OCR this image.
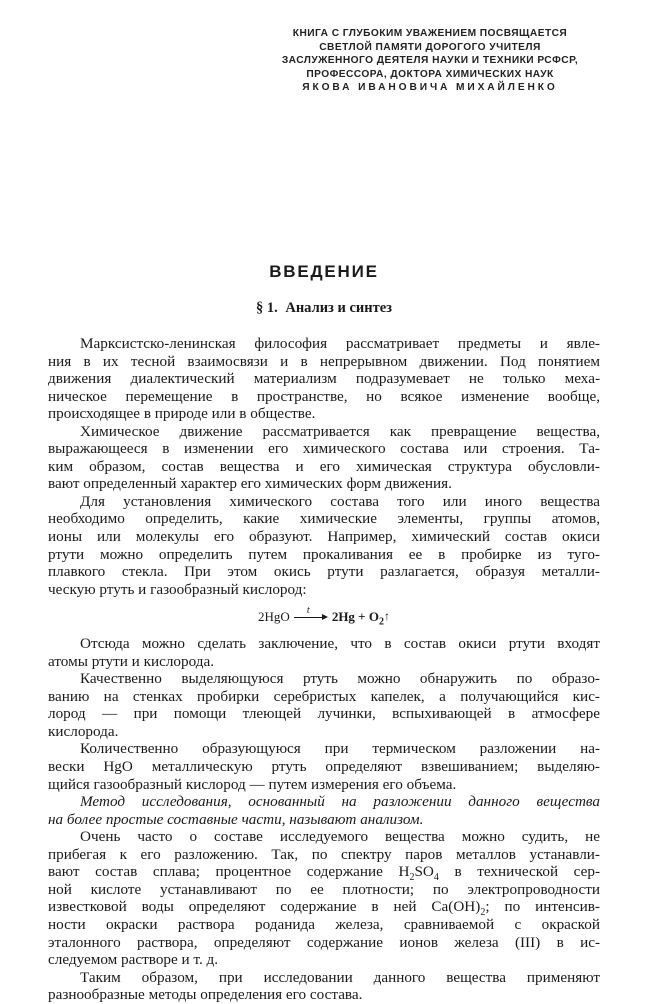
КНИГА С ГЛУБОКИМ УВАЖЕНИЕМ ПОСВЯЩАЕТСЯ
СВЕТЛОЙ ПАМЯТИ ДОРОГОГО УЧИТЕЛЯ
ЗАСЛУЖЕННОГО ДЕЯТЕЛЯ НАУКИ И ТЕХНИКИ РСФСР,
ПРОФЕССОРА, ДОКТОРА ХИМИЧЕСКИХ НАУК
ЯКОВА ИВАНОВИЧА МИХАЙЛЕНКО
ВВЕДЕНИЕ
§ 1. Анализ и синтез
Марксистско-ленинская философия рассматривает предметы и явле-
ния в их тесной взаимосвязи и в непрерывном движении. Под понятием
движения диалектический материализм подразумевает не только меха-
ническое перемещение в пространстве, но всякое изменение вообще,
происходящее в природе или в обществе.
Химическое движение рассматривается как превращение вещества,
выражающееся в изменении его химического состава или строения. Та-
ким образом, состав вещества и его химическая структура обусловли-
вают определенный характер его химических форм движения.
Для установления химического состава того или иного вещества
необходимо определить, какие химические элементы, группы атомов,
ионы или молекулы его образуют. Например, химический состав окиси
ртути можно определить путем прокаливания ее в пробирке из туго-
плавкого стекла. При этом окись ртути разлагается, образуя металли-
ческую ртуть и газообразный кислород:
2HgO t $2Hg + O_2$ ↑
Отсюда можно сделать заключение, что в состав окиси ртути входят
атомы ртути и кислорода.
Качественно выделяющуюся ртуть можно обнаружить по образо-
ванию на стенках пробирки серебристых капелек, а получающийся кис-
лород — при помощи тлеющей лучинки, вспыхивающей в атмосфере
кислорода.
Количественно образующуюся при термическом разложении на-
вески HgO металлическую ртуть определяют взвешиванием; выделяю-
щийся газообразный кислород — путем измерения его объема.
Метод исследования, основанный на разложении данного вещества
на более простые составные части, называют анализом.
Очень часто о составе исследуемого вещества можно судить, не
прибегая к его разложению. Так, по спектру паров металлов устанавли-
вают состав сплава; процентное содержание $H_2SO_4$ в технической сер-
ной кислоте устанавливают по ее плотности; по электропроводности
известковой воды определяют содержание в ней $Ca(OH)_2$; по интенсив-
ности окраски раствора роданида железа, сравниваемой с окраской
эталонного раствора, определяют содержание ионов железа (III) в ис-
следуемом растворе и т. д.
Таким образом, при исследовании данного вещества применяют
разнообразные методы определения его состава.
